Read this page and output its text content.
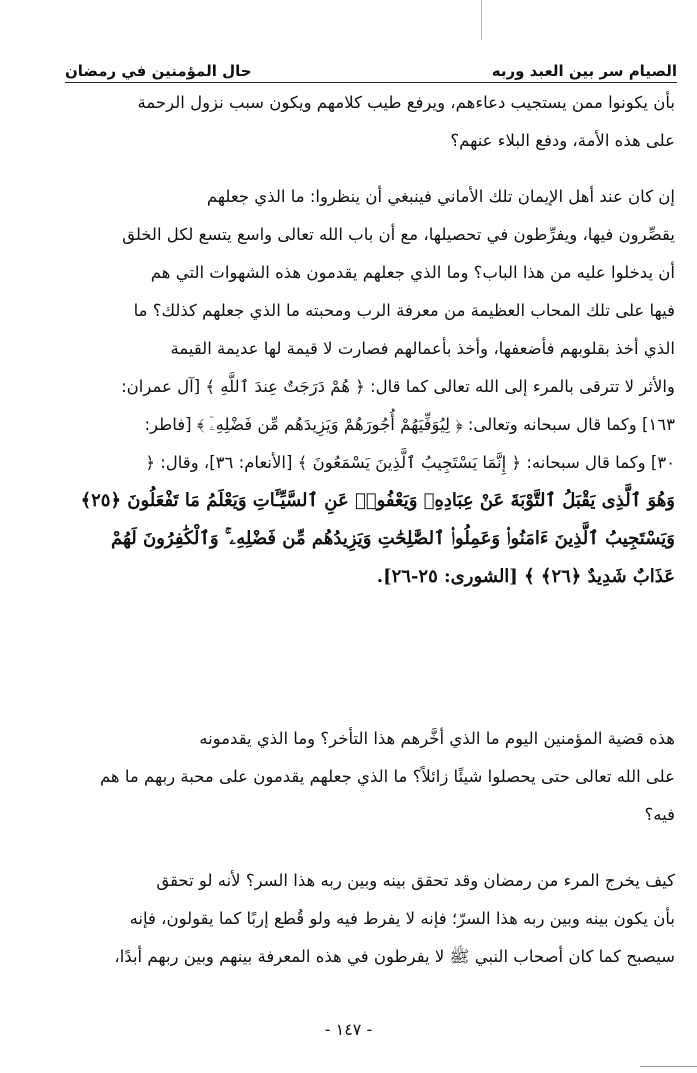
الصيام سر بين العبد وربه
حال المؤمنين في رمضان
بأن يكونوا ممن يستجيب دعاءهم، ويرفع طيب كلامهم ويكون سبب نزول الرحمة
على هذه الأمة، ودفع البلاء عنهم؟
إن كان عند أهل الإيمان تلك الأماني فينبغي أن ينظروا: ما الذي جعلهم
يقصِّرون فيها، ويفرِّطون في تحصيلها، مع أن باب الله تعالى واسع يتسع لكل الخلق
أن يدخلوا عليه من هذا الباب؟ وما الذي جعلهم يقدمون هذه الشهوات التي هم
فيها على تلك المحاب العظيمة من معرفة الرب ومحبته ما الذي جعلهم كذلك؟ ما
الذي أخذ بقلوبهم فأضعفها، وأخذ بأعمالهم فصارت لا قيمة لها عديمة القيمة
والأثر لا تترقى بالمرء إلى الله تعالى كما قال: ﴿ هُمْ دَرَجَتٌ عِندَ ٱللَّهِ ﴾ [آل عمران:
١٦٣] وكما قال سبحانه وتعالى: ﴿ لِيُوَفِّيَهُمْ أُجُورَهُمْ وَيَزِيدَهُم مِّن فَضْلِهِۦٓ ﴾ [فاطر:
٣٠] وكما قال سبحانه: ﴿ إِنَّمَا يَسْتَجِيبُ ٱلَّذِينَ يَسْمَعُونَ ﴾ [الأنعام: ٣٦]، وقال: ﴿
وَهُوَ ٱلَّذِى يَقْبَلُ ٱلتَّوْبَةَ عَنْ عِبَادِهِۦ وَيَعْفُوا۟ عَنِ ٱلسَّيِّـَٔاتِ وَيَعْلَمُ مَا تَفْعَلُونَ ﴿٢٥﴾
وَيَسْتَجِيبُ ٱلَّذِينَ ءَامَنُوا۟ وَعَمِلُوا۟ ٱلصَّٰلِحَٰتِ وَيَزِيدُهُم مِّن فَضْلِهِۦ ۚ وَٱلْكَٰفِرُونَ لَهُمْ
عَذَابٌ شَدِيدٌ ﴿٢٦﴾ ﴾ [الشورى: ٢٥-٢٦].
هذه قضية المؤمنين اليوم ما الذي أخَّرهم هذا التأخر؟ وما الذي يقدمونه
على الله تعالى حتى يحصلوا شيئًا زائلاً؟ ما الذي جعلهم يقدمون على محبة ربهم ما هم
فيه؟
كيف يخرج المرء من رمضان وقد تحقق بينه وبين ربه هذا السر؟ لأنه لو تحقق
بأن يكون بينه وبين ربه هذا السرّ؛ فإنه لا يفرط فيه ولو قُطع إربًا كما يقولون، فإنه
سيصبح كما كان أصحاب النبي ﷺ لا يفرطون في هذه المعرفة بينهم وبين ربهم أبدًا،
- ١٤٧ -
